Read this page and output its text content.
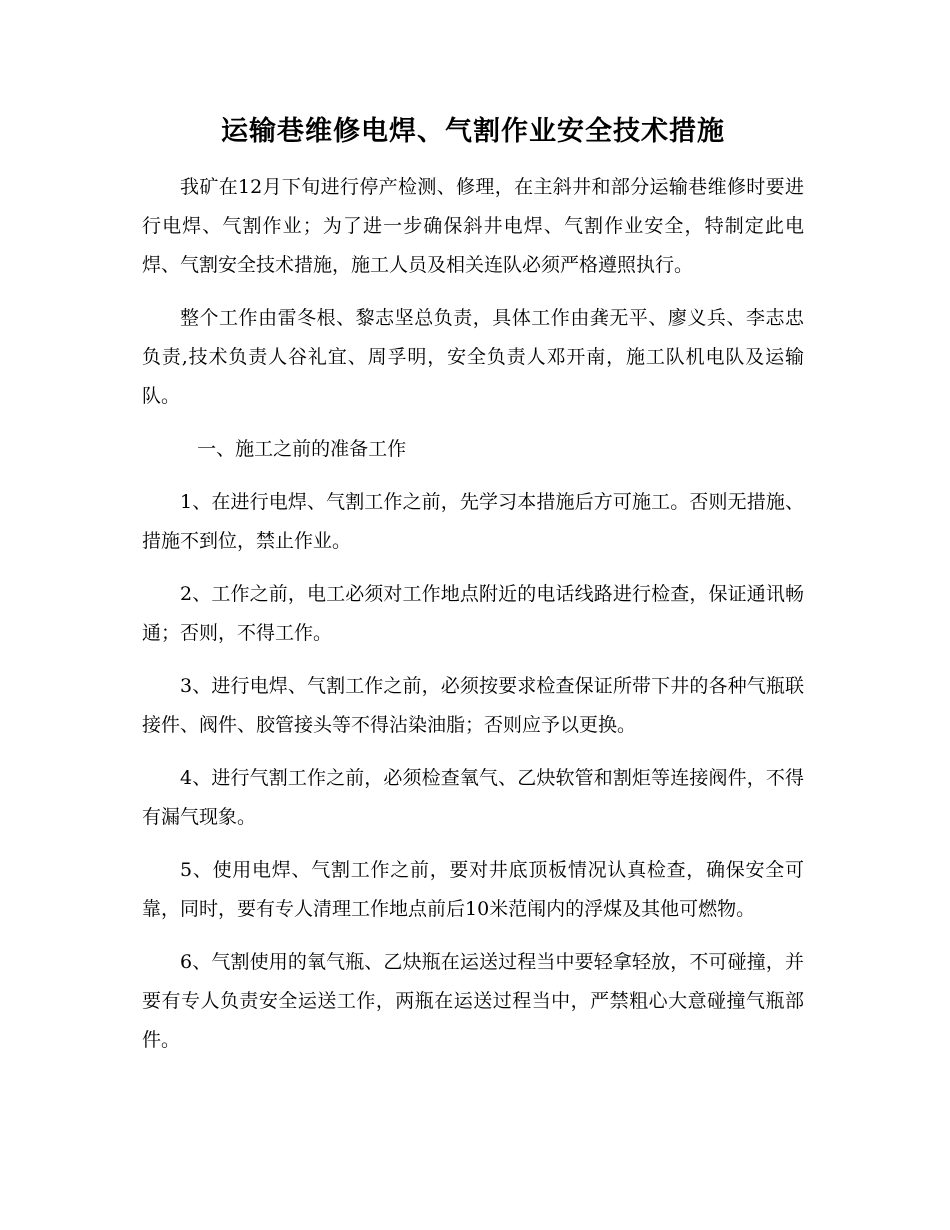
运输巷维修电焊、气割作业安全技术措施

我矿在12月下旬进行停产检测、修理，在主斜井和部分运输巷维修时要进行电焊、气割作业；为了进一步确保斜井电焊、气割作业安全，特制定此电焊、气割安全技术措施，施工人员及相关连队必须严格遵照执行。

整个工作由雷冬根、黎志坚总负责，具体工作由龚无平、廖义兵、李志忠负责,技术负责人谷礼宜、周孚明，安全负责人邓开南，施工队机电队及运输队。

一、施工之前的准备工作

1、在进行电焊、气割工作之前，先学习本措施后方可施工。否则无措施、措施不到位，禁止作业。

2、工作之前，电工必须对工作地点附近的电话线路进行检查，保证通讯畅通；否则，不得工作。

3、进行电焊、气割工作之前，必须按要求检查保证所带下井的各种气瓶联接件、阀件、胶管接头等不得沾染油脂；否则应予以更换。

4、进行气割工作之前，必须检查氧气、乙炔软管和割炬等连接阀件，不得有漏气现象。

5、使用电焊、气割工作之前，要对井底顶板情况认真检查，确保安全可靠，同时，要有专人清理工作地点前后10米范闱内的浮煤及其他可燃物。

6、气割使用的氧气瓶、乙炔瓶在运送过程当中要轻拿轻放，不可碰撞，并要有专人负责安全运送工作，两瓶在运送过程当中，严禁粗心大意碰撞气瓶部件。
